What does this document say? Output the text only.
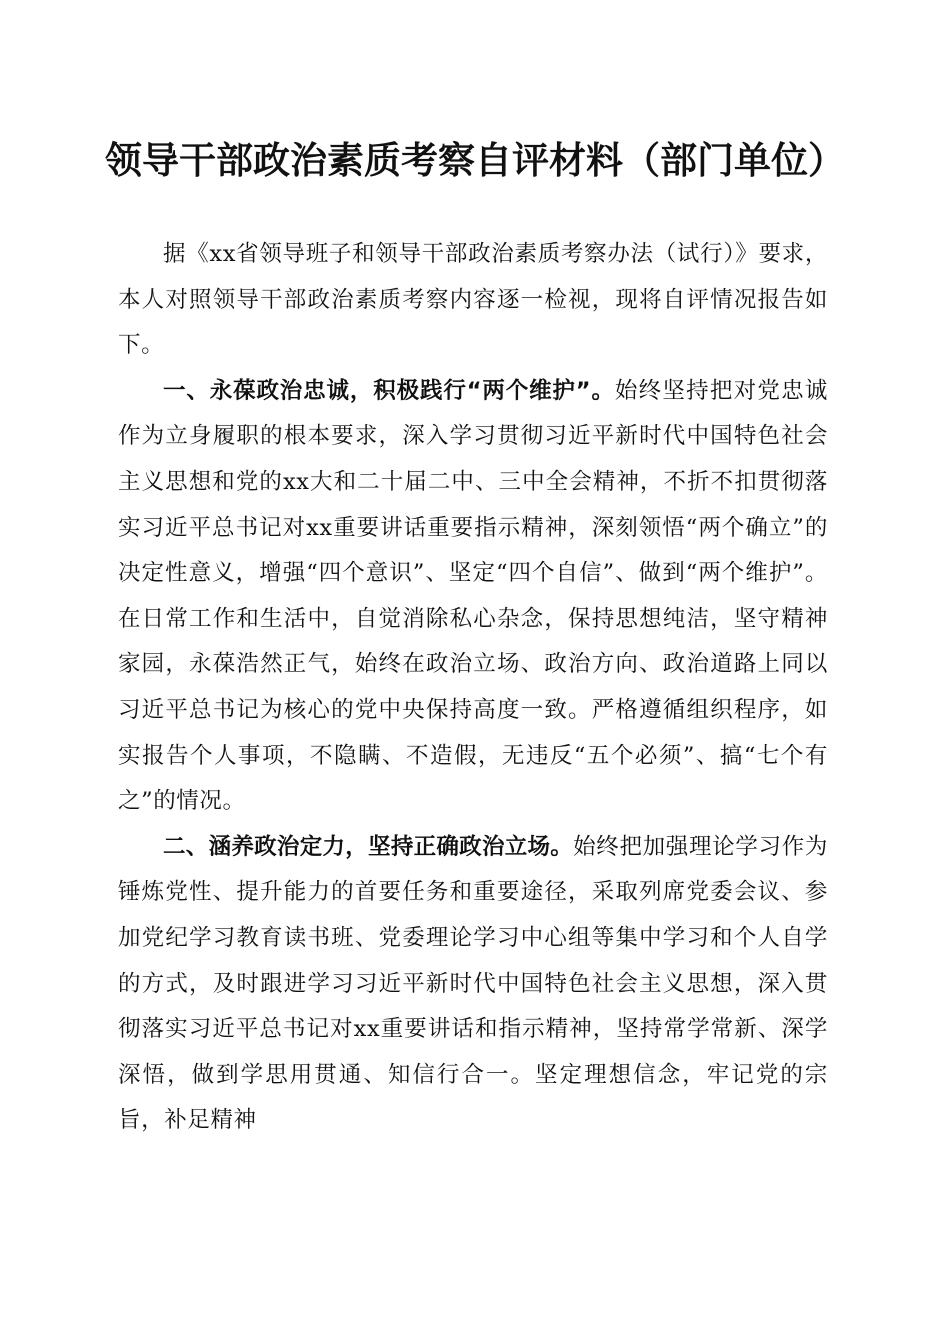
领导干部政治素质考察自评材料（部门单位）

据《xx省领导班子和领导干部政治素质考察办法（试行）》要求，本人对照领导干部政治素质考察内容逐一检视，现将自评情况报告如下。

一、永葆政治忠诚，积极践行“两个维护”。始终坚持把对党忠诚作为立身履职的根本要求，深入学习贯彻习近平新时代中国特色社会主义思想和党的xx大和二十届二中、三中全会精神，不折不扣贯彻落实习近平总书记对xx重要讲话重要指示精神，深刻领悟“两个确立”的决定性意义，增强“四个意识”、坚定“四个自信”、做到“两个维护”。在日常工作和生活中，自觉消除私心杂念，保持思想纯洁，坚守精神家园，永葆浩然正气，始终在政治立场、政治方向、政治道路上同以习近平总书记为核心的党中央保持高度一致。严格遵循组织程序，如实报告个人事项，不隐瞒、不造假，无违反“五个必须”、搞“七个有之”的情况。

二、涵养政治定力，坚持正确政治立场。始终把加强理论学习作为锤炼党性、提升能力的首要任务和重要途径，采取列席党委会议、参加党纪学习教育读书班、党委理论学习中心组等集中学习和个人自学的方式，及时跟进学习习近平新时代中国特色社会主义思想，深入贯彻落实习近平总书记对xx重要讲话和指示精神，坚持常学常新、深学深悟，做到学思用贯通、知信行合一。坚定理想信念，牢记党的宗旨，补足精神
